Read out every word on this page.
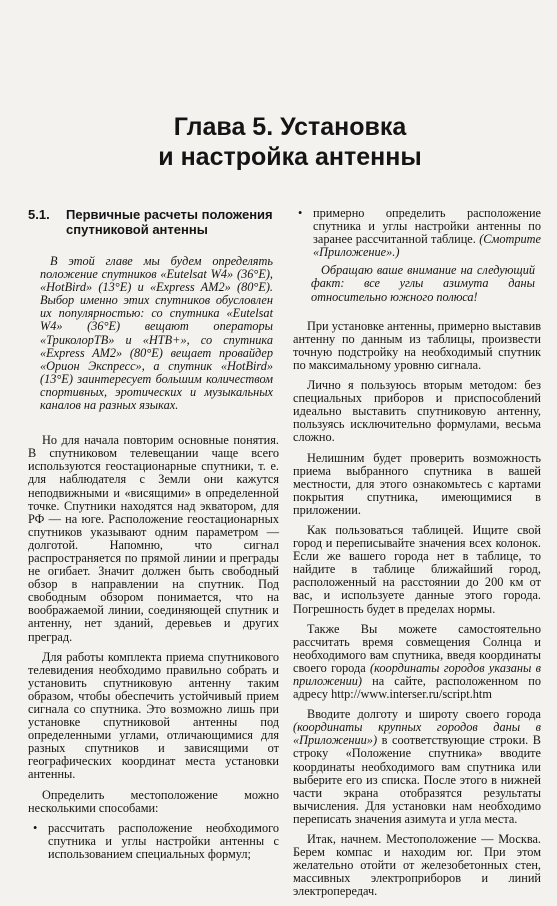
Глава 5. Установка
и настройка антенны
5.1.	Первичные расчеты положения спутниковой антенны

В этой главе мы будем определять положение спутников «Eutelsat W4» (36°E), «HotBird» (13°E) и «Express AM2» (80°E). Выбор именно этих спутников обусловлен их популярностью: со спутника «Eutelsat W4» (36°E) вещают операторы «ТриколорТВ» и «НТВ+», со спутника «Express AM2» (80°E) вещает провайдер «Орион Экспресс», а спутник «HotBird» (13°E) заинтересует большим количеством спортивных, эротических и музыкальных каналов на разных языках.

Но для начала повторим основные понятия. В спутниковом телевещании чаще всего используются геостационарные спутники, т. е. для наблюдателя с Земли они кажутся неподвижными и «висящими» в определенной точке. Спутники находятся над экватором, для РФ — на юге. Расположение геостационарных спутников указывают одним параметром — долготой. Напомню, что сигнал распространяется по прямой линии и преграды не огибает. Значит должен быть свободный обзор в направлении на спутник. Под свободным обзором понимается, что на воображаемой линии, соединяющей спутник и антенну, нет зданий, деревьев и других преград.

Для работы комплекта приема спутникового телевидения необходимо правильно собрать и установить спутниковую антенну таким образом, чтобы обеспечить устойчивый прием сигнала со спутника. Это возможно лишь при установке спутниковой антенны под определенными углами, отличающимися для разных спутников и зависящими от географических координат места установки антенны.

Определить местоположение можно несколькими способами:

• рассчитать расположение необходимого спутника и углы настройки антенны с использованием специальных формул;
• примерно определить расположение спутника и углы настройки антенны по заранее рассчитанной таблице. (Смотрите «Приложение».)

Обращаю ваше внимание на следующий факт: все углы азимута даны относительно южного полюса!

При установке антенны, примерно выставив антенну по данным из таблицы, произвести точную подстройку на необходимый спутник по максимальному уровню сигнала.

Лично я пользуюсь вторым методом: без специальных приборов и приспособлений идеально выставить спутниковую антенну, пользуясь исключительно формулами, весьма сложно.

Нелишним будет проверить возможность приема выбранного спутника в вашей местности, для этого ознакомьтесь с картами покрытия спутника, имеющимися в приложении.

Как пользоваться таблицей. Ищите свой город и переписывайте значения всех колонок. Если же вашего города нет в таблице, то найдите в таблице ближайший город, расположенный на расстоянии до 200 км от вас, и используете данные этого города. Погрешность будет в пределах нормы.

Также Вы можете самостоятельно рассчитать время совмещения Солнца и необходимого вам спутника, введя координаты своего города (координаты городов указаны в приложении) на сайте, расположенном по адресу http://www.interser.ru/script.htm

Вводите долготу и широту своего города (координаты крупных городов даны в «Приложении») в соответствующие строки. В строку «Положение спутника» вводите координаты необходимого вам спутника или выберите его из списка. После этого в нижней части экрана отобразятся результаты вычисления. Для установки нам необходимо переписать значения азимута и угла места.

Итак, начнем. Местоположение — Москва. Берем компас и находим юг. При этом желательно отойти от железобетонных стен, массивных электроприборов и линий электропередач.
